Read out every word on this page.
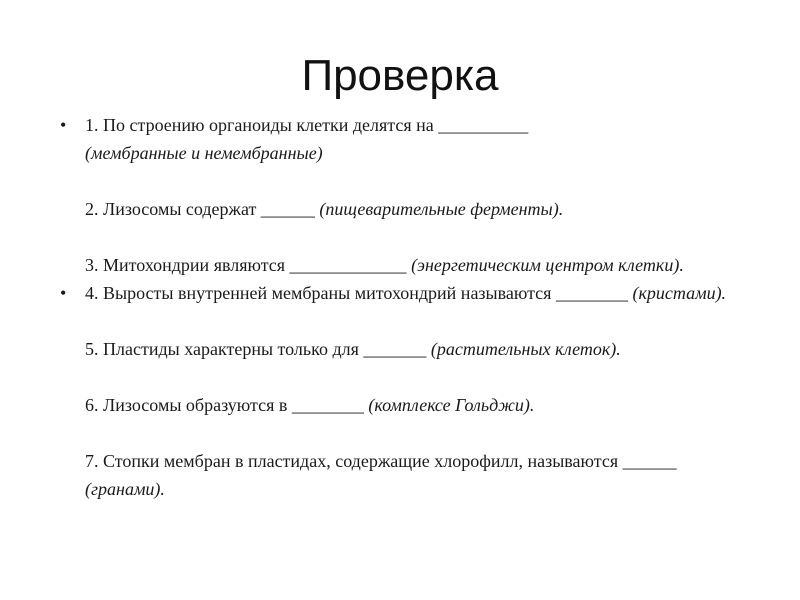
Проверка
• 1. По строению органоиды клетки делятся на __________
(мембранные и немембранные)
2. Лизосомы содержат ______ (пищеварительные ферменты).
3. Митохондрии являются _____________ (энергетическим центром клетки).
• 4. Выросты внутренней мембраны митохондрий называются ________ (кристами).
5. Пластиды характерны только для _______ (растительных клеток).
6. Лизосомы образуются в ________ (комплексе Гольджи).
7. Стопки мембран в пластидах, содержащие хлорофилл, называются ______ (гранами).
